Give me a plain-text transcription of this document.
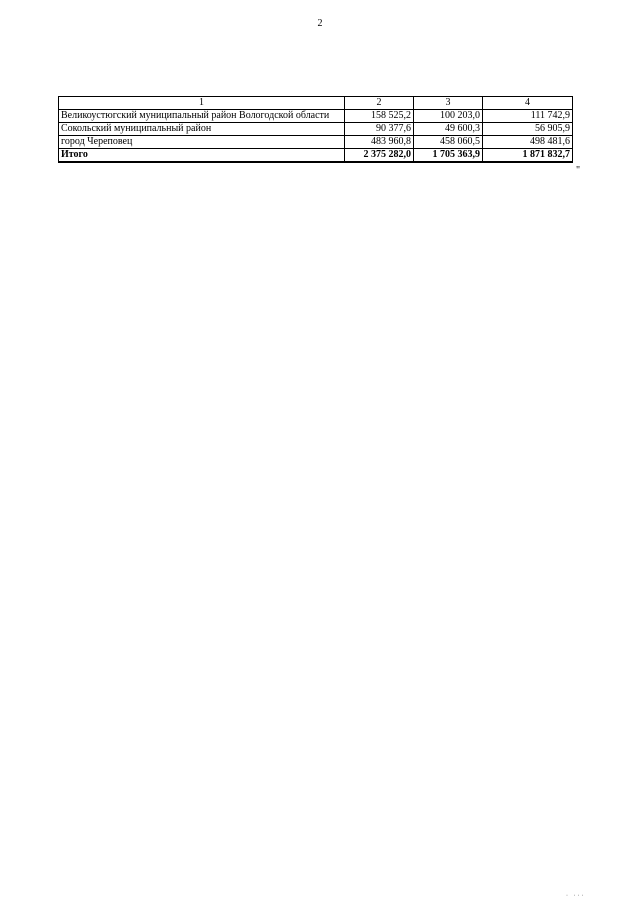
2
1	2	3	4
Великоустюгский муниципальный район Вологодской области	158 525,2	100 203,0	111 742,9
Сокольский муниципальный район	90 377,6	49 600,3	56 905,9
город Череповец	483 960,8	458 060,5	498 481,6
Итого	2 375 282,0	1 705 363,9	1 871 832,7
"
· ···
